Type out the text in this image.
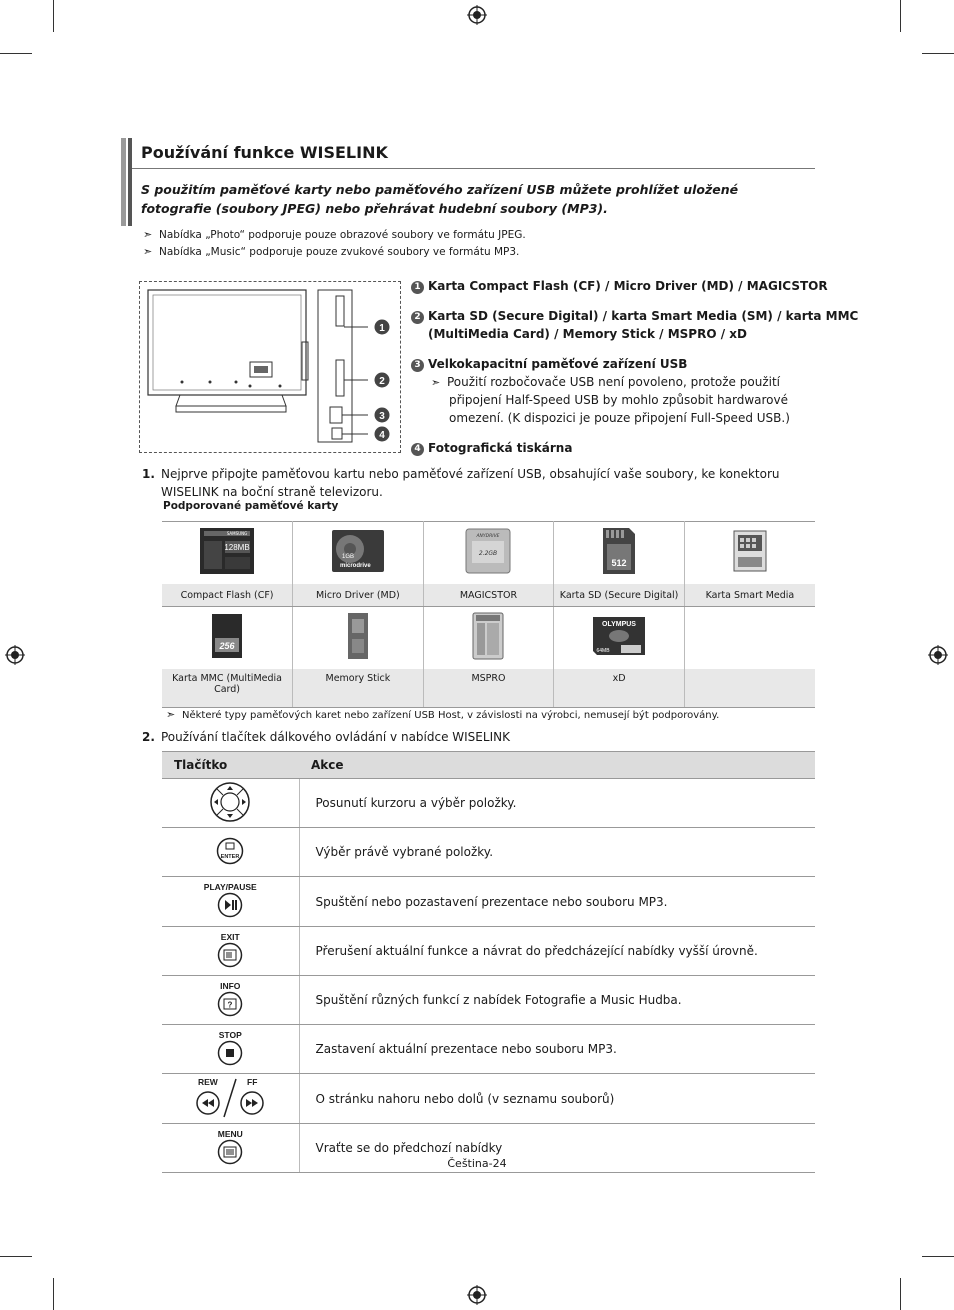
Používání funkce WISELINK
S použitím paměťové karty nebo paměťového zařízení USB můžete prohlížet uložené fotografie (soubory JPEG) nebo přehrávat hudební soubory (MP3).
➣ Nabídka „Photo“ podporuje pouze obrazové soubory ve formátu JPEG.
➣ Nabídka „Music“ podporuje pouze zvukové soubory ve formátu MP3.
1
2
3
4
1 Karta Compact Flash (CF) / Micro Driver (MD) / MAGICSTOR
2 Karta SD (Secure Digital) / karta Smart Media (SM) / karta MMC
(MultiMedia Card) / Memory Stick / MSPRO / xD
3 Velkokapacitní paměťové zařízení USB
➣ Použití rozbočovače USB není povoleno, protože použití
připojení Half-Speed USB by mohlo způsobit hardwarové
omezení. (K dispozici je pouze připojení Full-Speed USB.)
4 Fotografická tiskárna
1. Nejprve připojte paměťovou kartu nebo paměťové zařízení USB, obsahující vaše soubory, ke konektoru
WISELINK na boční straně televizoru.
Podporované paměťové karty
SAMSUNG
128MB	1GB
microdrive	ANYDRIVE
2.2GB	512

Compact Flash (CF)	Micro Driver (MD)	MAGICSTOR	Karta SD (Secure Digital)	Karta Smart Media

256			OLYMPUS
64MB	

Karta MMC (MultiMedia
Card)	Memory Stick	MSPRO	xD	
➣ Některé typy paměťových karet nebo zařízení USB Host, v závislosti na výrobci, nemusejí být podporovány.
2. Používání tlačítek dálkového ovládání v nabídce WISELINK
Tlačítko	Akce
	Posunutí kurzoru a výběr položky.

ENTER	Výběr právě vybrané položky.

PLAY/PAUSE	Spuštění nebo pozastavení prezentace nebo souboru MP3.

EXIT	Přerušení aktuální funkce a návrat do předcházející nabídky vyšší úrovně.

INFO
?	Spuštění různých funkcí z nabídek Fotografie a Music Hudba.

STOP	Zastavení aktuální prezentace nebo souboru MP3.

REW FF	O stránku nahoru nebo dolů (v seznamu souborů)

MENU	Vraťte se do předchozí nabídky
Čeština-24
